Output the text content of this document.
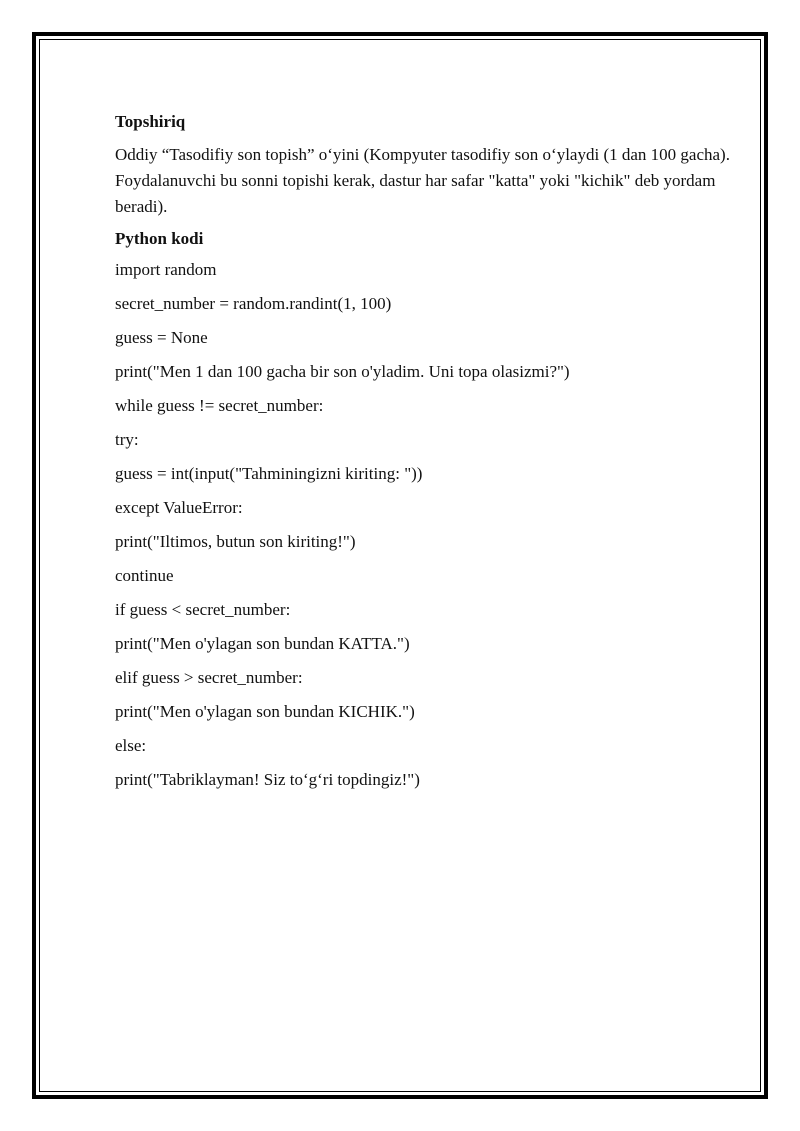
Topshiriq
Oddiy “Tasodifiy son topish” o‘yini (Kompyuter tasodifiy son o‘ylaydi (1 dan 100 gacha). Foydalanuvchi bu sonni topishi kerak, dastur har safar "katta" yoki "kichik" deb yordam beradi).
Python kodi
import random
secret_number = random.randint(1, 100)
guess = None
print("Men 1 dan 100 gacha bir son o'yladim. Uni topa olasizmi?")
while guess != secret_number:
try:
guess = int(input("Tahminingizni kiriting: "))
except ValueError:
print("Iltimos, butun son kiriting!")
continue
if guess < secret_number:
print("Men o'ylagan son bundan KATTA.")
elif guess > secret_number:
print("Men o'ylagan son bundan KICHIK.")
else:
print("Tabriklayman! Siz to‘g‘ri topdingiz!")
